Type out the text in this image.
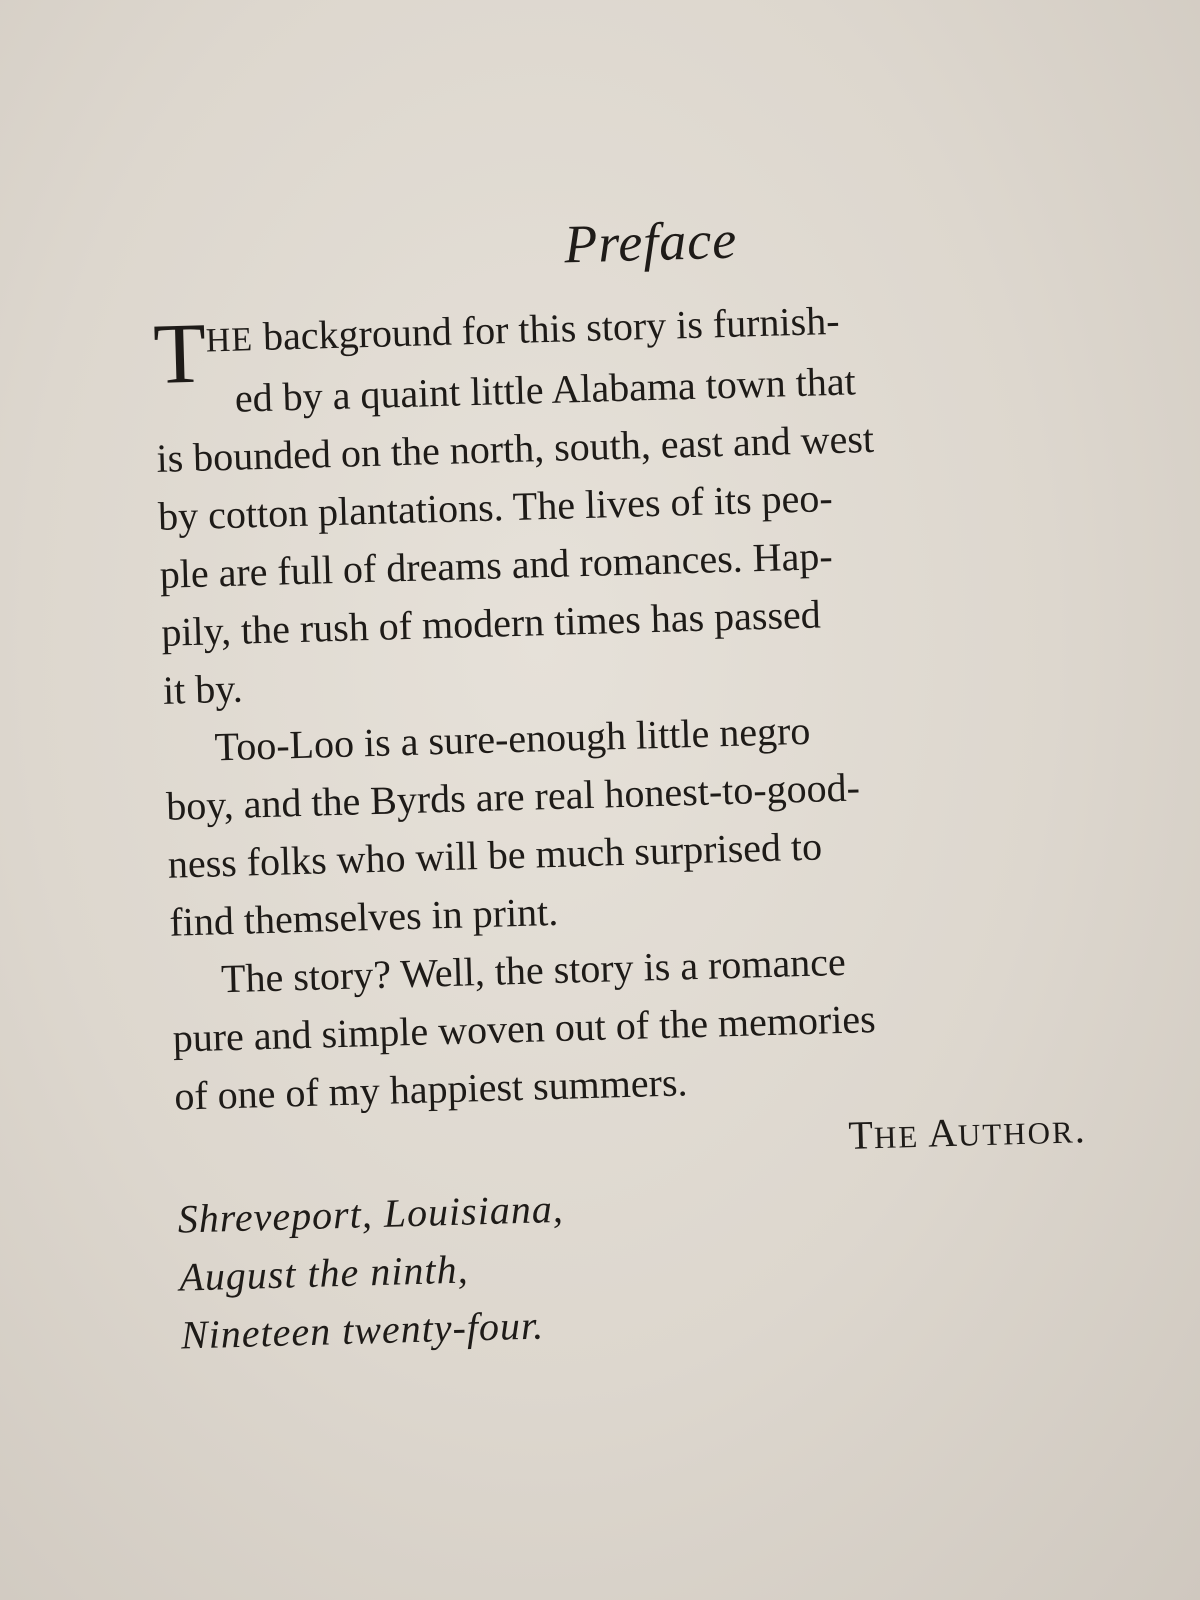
Preface
T
HE background for this story is furnish-
ed by a quaint little Alabama town that
is bounded on the north, south, east and west
by cotton plantations. The lives of its peo-
ple are full of dreams and romances. Hap-
pily, the rush of modern times has passed
it by.
Too-Loo is a sure-enough little negro
boy, and the Byrds are real honest-to-good-
ness folks who will be much surprised to
find themselves in print.
The story? Well, the story is a romance
pure and simple woven out of the memories
of one of my happiest summers.
THE AUTHOR.
Shreveport, Louisiana,
August the ninth,
Nineteen twenty-four.
